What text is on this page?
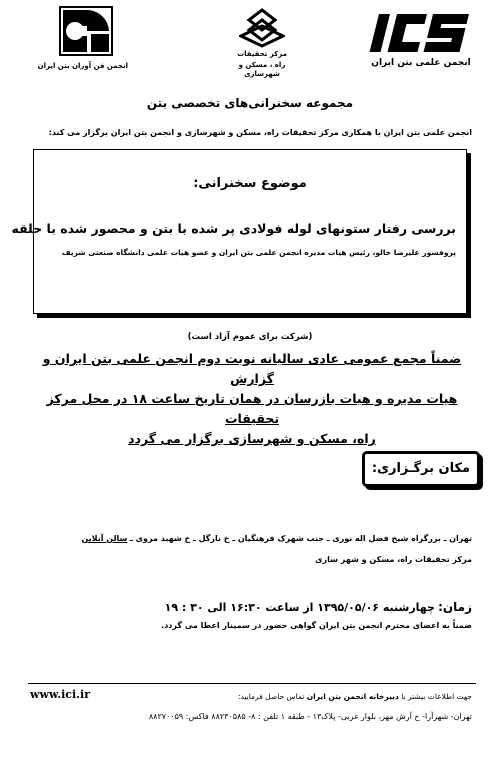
انجمن فن آوران بتن ایران
مرکز تحقیقات
راه ، مسکن و شهرسازی
ics
انجمن علمی بتن ایران
مجموعه سخنرانی‌های تخصصی بتن
انجمن علمی بتن ایران با همکاری مرکز تحقیقات راه، مسکن و شهرسازی و انجمن بتن ایران برگزار می کند:
موضوع سخنرانی:
بررسی رفتار ستونهای لوله فولادی پر شده با بتن و محصور شده با حلقه
پروفسور علیرضا خالو، رئیس هیات مدیره انجمن علمی بتن ایران و عضو هیات علمی دانشگاه صنعتی شریف
(شرکت برای عموم آزاد است)
ضمناً مجمع عمومی عادی سالیانه نوبت دوم انجمن علمی بتن ایران و گزارش
هیات مدیره و هیات بازرسان در همان تاریخ ساعت ۱۸ در محل مرکز تحقیقات
راه، مسکن و شهرسازی برگزار می گردد
مکان برگـزاری:
تهران ـ بزرگراه شیخ فضل اله نوری ـ جنب شهرک فرهنگیان ـ خ نارگل ـ خ شهید مروی ـ سالن آنلاین
مرکز تحقیقات راه، مسکن و شهر سازی
زمان: چهارشنبه ۱۳۹۵/۰۵/۰۶ از ساعت ۱۶:۳۰ الی ۳۰ : ۱۹
ضمناً به اعضای محترم انجمن بتن ایران گواهی حضور در سمینار اعطا می گردد.
جهت اطلاعات بیشتر با دبیرخانه انجمن بتن ایران تماس حاصل فرمایید:
www.ici.ir
تهران- شهرآرا- خ آرش مهر، بلوار غربی- پلاک۱۳ - طبقه ۱ تلفن : ۸- ۸۸۲۳۰۵۸۵ فاکس: ۸۸۲۷۰۰۵۹
